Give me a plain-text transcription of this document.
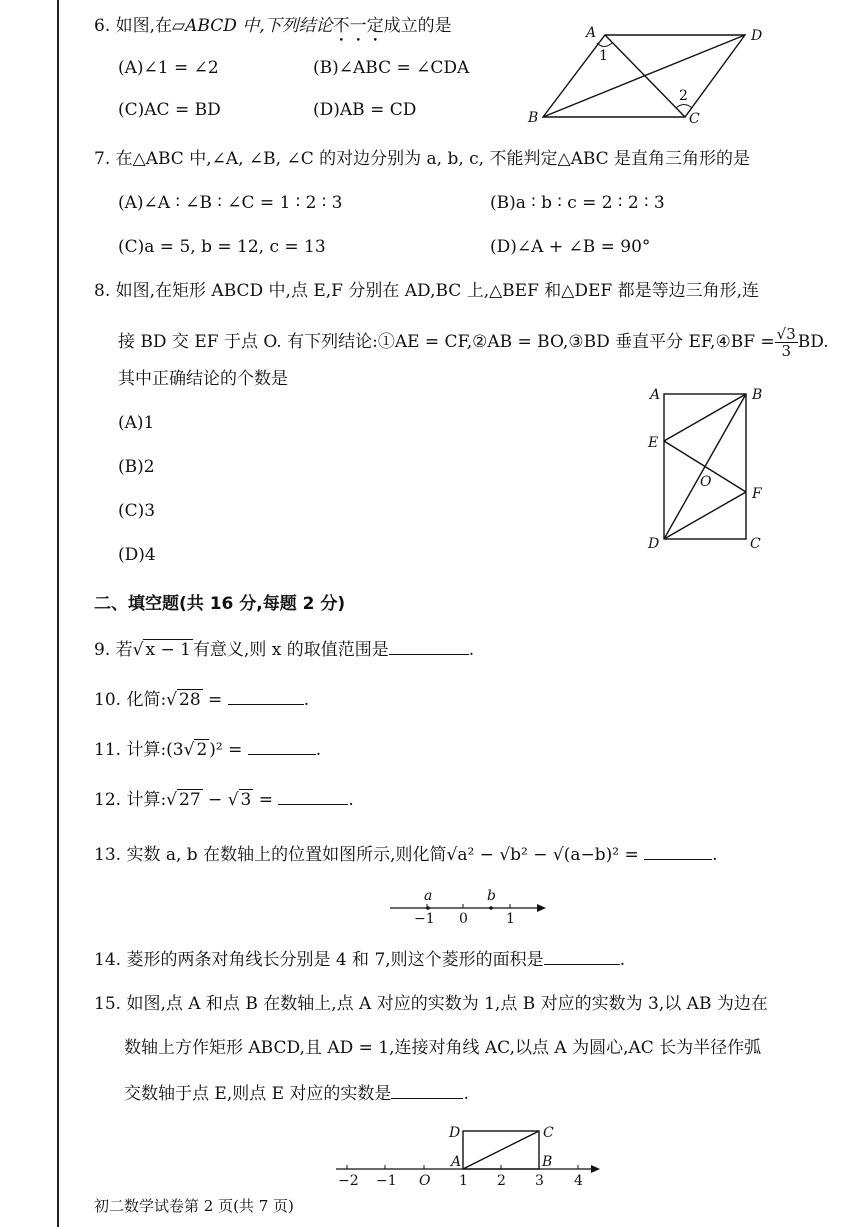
6. 如图,在▱ABCD 中,下列结论不一定成立的是
(A)∠1 = ∠2	(B)∠ABC = ∠CDA
(C)AC = BD	(D)AB = CD
A	D
B	C
1
2
7. 在△ABC 中,∠A, ∠B, ∠C 的对边分别为 a, b, c, 不能判定△ABC 是直角三角形的是
(A)∠A ∶ ∠B ∶ ∠C = 1 ∶ 2 ∶ 3	(B)a ∶ b ∶ c = 2 ∶ 2 ∶ 3
(C)a = 5, b = 12, c = 13	(D)∠A + ∠B = 90°
8. 如图,在矩形 ABCD 中,点 E,F 分别在 AD,BC 上,△BEF 和△DEF 都是等边三角形,连
接 BD 交 EF 于点 O. 有下列结论:①AE = CF,②AB = BO,③BD 垂直平分 EF,④BF = $\frac{√3}{3}$ BD.
其中正确结论的个数是
(A)1
(B)2
(C)3
(D)4
A	B
E
O
F
D	C
二、填空题(共 16 分,每题 2 分)
9. 若√ x − 1 有意义,则 x 的取值范围是	.
10. 化简:√ 28 =	.
11. 计算:(3√ 2 )² =	.
12. 计算:√ 27 − √ 3 =	.
13. 实数 a, b 在数轴上的位置如图所示,则化简√a² − √b² − √(a−b)² =	.
a	b
−1 0	1
14. 菱形的两条对角线长分别是 4 和 7,则这个菱形的面积是	.
15. 如图,点 A 和点 B 在数轴上,点 A 对应的实数为 1,点 B 对应的实数为 3,以 AB 为边在
数轴上方作矩形 ABCD,且 AD = 1,连接对角线 AC,以点 A 为圆心,AC 长为半径作弧
交数轴于点 E,则点 E 对应的实数是	.
D	C
A	B
−2 −1 O 1 2 3 4
初二数学试卷第 2 页(共 7 页)
